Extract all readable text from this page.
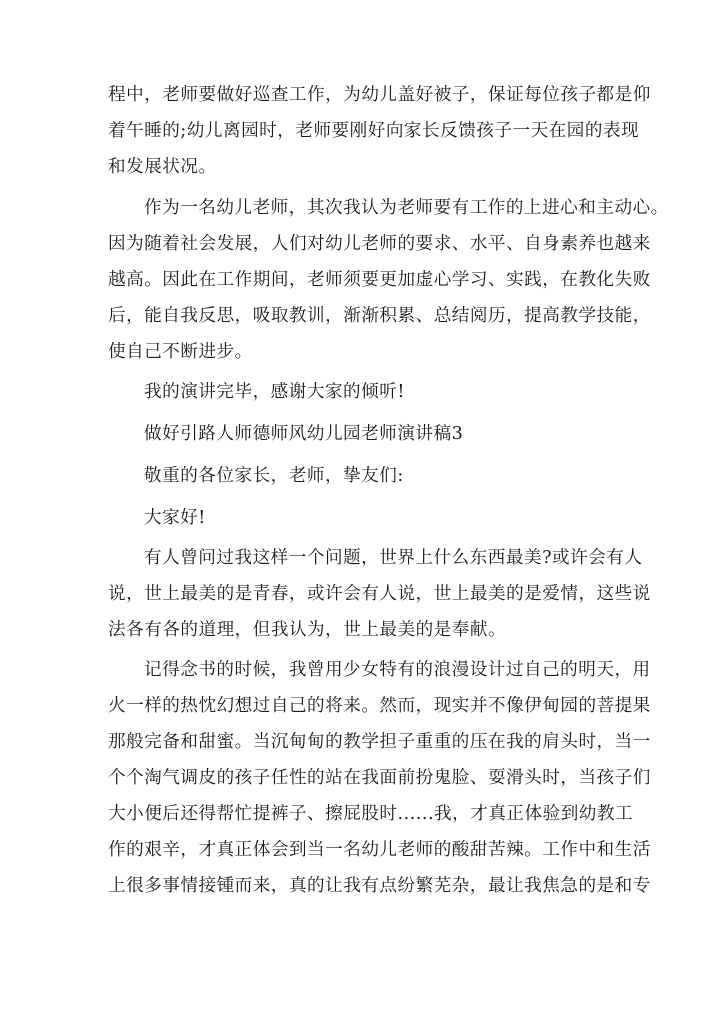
程中，老师要做好巡查工作，为幼儿盖好被子，保证每位孩子都是仰
着午睡的;幼儿离园时，老师要刚好向家长反馈孩子一天在园的表现
和发展状况。
作为一名幼儿老师，其次我认为老师要有工作的上进心和主动心。
因为随着社会发展，人们对幼儿老师的要求、水平、自身素养也越来
越高。因此在工作期间，老师须要更加虚心学习、实践，在教化失败
后，能自我反思，吸取教训，渐渐积累、总结阅历，提高教学技能，
使自己不断进步。
我的演讲完毕，感谢大家的倾听!
做好引路人师德师风幼儿园老师演讲稿3
敬重的各位家长，老师，挚友们:
大家好!
有人曾问过我这样一个问题，世界上什么东西最美?或许会有人
说，世上最美的是青春，或许会有人说，世上最美的是爱情，这些说
法各有各的道理，但我认为，世上最美的是奉献。
记得念书的时候，我曾用少女特有的浪漫设计过自己的明天，用
火一样的热忱幻想过自己的将来。然而，现实并不像伊甸园的菩提果
那般完备和甜蜜。当沉甸甸的教学担子重重的压在我的肩头时，当一
个个淘气调皮的孩子任性的站在我面前扮鬼脸、耍滑头时，当孩子们
大小便后还得帮忙提裤子、擦屁股时......我，才真正体验到幼教工
作的艰辛，才真正体会到当一名幼儿老师的酸甜苦辣。工作中和生活
上很多事情接锺而来，真的让我有点纷繁芜杂，最让我焦急的是和专
